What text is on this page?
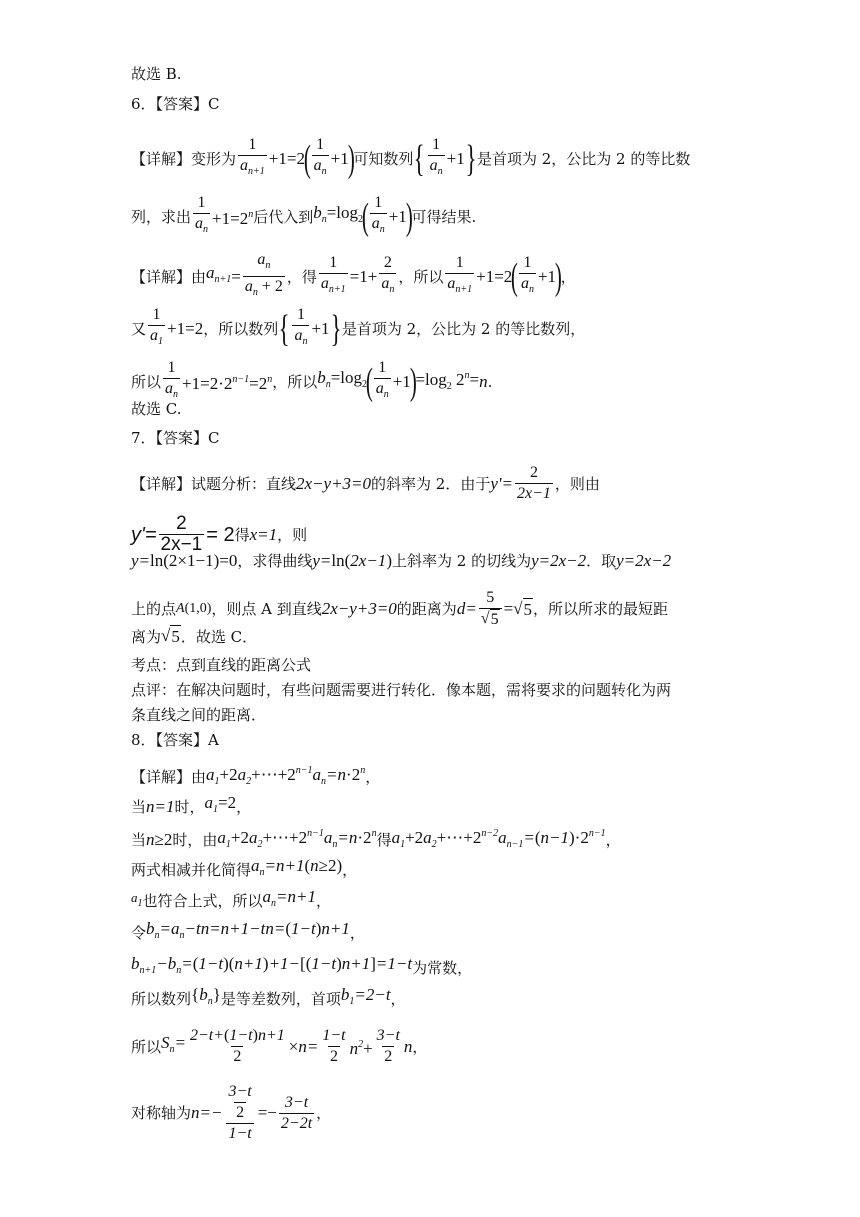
故选 B.
6．【答案】C
【详解】变形为 $\frac{1}{a_{n+1}} +1=2$
( $\frac{1}{a_n} +1$
)
可知数列 { $\frac{1}{a_n} +1$ } 是首项为 2，公比为 2 的等比数
列，求出 $\frac{1}{a_n} +1=2^n$ 后代入到 $b_n =\log_2$
( $\frac{1}{a_n} +1$
)
可得结果.
【详解】由 $a_{n+1} = \frac{a_n}{a_n + 2}$ ，得 $\frac{1}{a_{n+1}} =1+ \frac{2}{a_n}$ ，所以 $\frac{1}{a_{n+1}} +1=2$
( $\frac{1}{a_n} +1$
)
，
又 $\frac{1}{a_1} +1=2$ ，所以数列 { $\frac{1}{a_n} +1$ } 是首项为 2，公比为 2 的等比数列，
所以 $\frac{1}{a_n} +1=2\cdot 2^{n-1}=2^n$ ，所以 $b_n =\log_2$
( $\frac{1}{a_n} +1$
)
$=\log_2$ $2^n= n$ .
故选 C.
7．【答案】C
【详解】试题分析：直线 2x−y+3=0 的斜率为 2．由于 $y'= \frac{2}{2x-1}$ ，则由
$y'= \frac{2}{2x-1} = 2$ 得 x=1 ，则
y=ln(2×1−1)=0 ，求得曲线 y=ln(2x−1) 上斜率为 2 的切线为 y=2x−2 ．取 y=2x−2
上的点 A(1,0) ，则点 A 到直线 2x−y+3=0 的距离为 $d= \frac{5}{√ 5}$ = √ 5 ，所以所求的最短距
离为 √ 5 ．故选 C．
考点：点到直线的距离公式
点评：在解决问题时，有些问题需要进行转化．像本题，需将要求的问题转化为两
条直线之间的距离．
8．【答案】A
【详解】由 $a_1+2a_2+\cdots+2^{n-1}a_n=n\cdot 2^n$ ，
当 n=1 时， $a_1=2$ ，
当 n≥2 时，由 $a_1+2a_2+\cdots+2^{n-1}a_n=n\cdot 2^n$ 得 $a_1+2a_2+\cdots+2^{n-2}a_{n-1}=(n-1)\cdot 2^{n-1}$ ，
两式相减并化简得 $a_n=n+1(n\ge 2)$ ，
$a_1$ 也符合上式，所以 $a_n=n+1$ ，
令 $b_n=a_n-tn=n+1-tn=(1-t)n+1$ ，
$b_{n+1}-b_n=(1-t)(n+1)+1-[(1-t)n+1]=1-t$ 为常数，
所以数列 $\{b_n\}$ 是等差数列，首项 $b_1=2-t$ ，
所以 $S_n= \frac{2-t+(1-t)n+1}{2} \times n= \frac{1-t}{2} n^2+ \frac{3-t}{2}$ n ，
对称轴为 $n=- \frac{\frac{3-t}{2}}{1-t} =- \frac{3-t}{2-2t}$ ，
